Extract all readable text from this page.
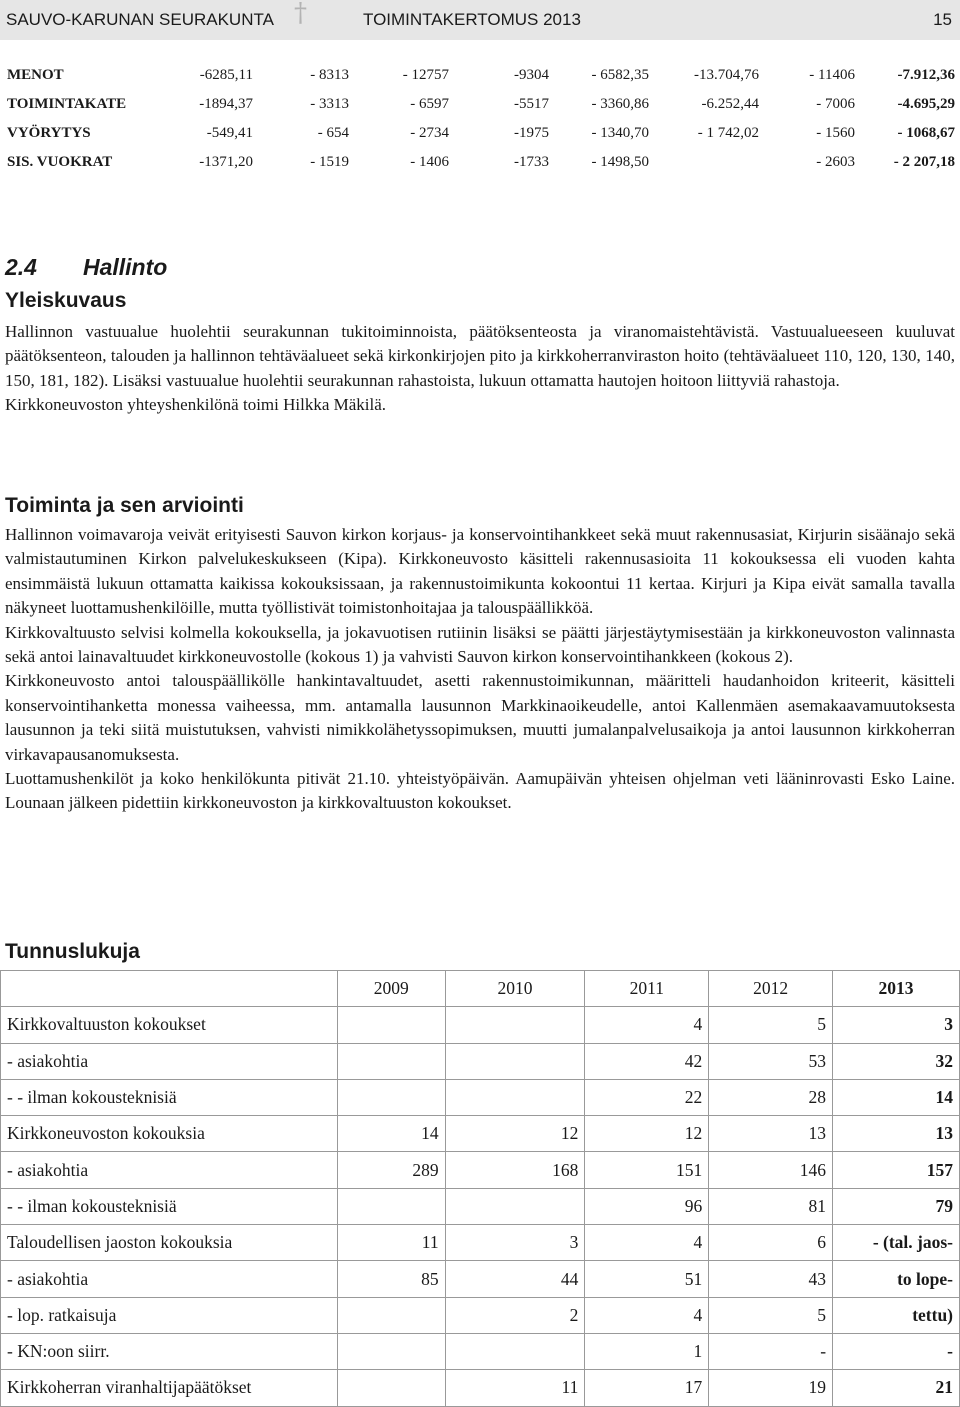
SAUVO-KARUNAN SEURAKUNTA †	TOIMINTAKERTOMUS 2013	15
MENOT	-6285,11	- 8313	- 12757	-9304	- 6582,35	-13.704,76	- 11406	-7.912,36
TOIMINTAKATE	-1894,37	- 3313	- 6597	-5517	- 3360,86	-6.252,44	- 7006	-4.695,29
VYÖRYTYS	-549,41	- 654	- 2734	-1975	- 1340,70	- 1 742,02	- 1560	- 1068,67
SIS. VUOKRAT	-1371,20	- 1519	- 1406	-1733	- 1498,50		- 2603	- 2 207,18
2.4 Hallinto
Yleiskuvaus

Hallinnon vastuualue huolehtii seurakunnan tukitoiminnoista, päätöksenteosta ja viranomaistehtävistä. Vastuualueeseen kuuluvat päätöksenteon, talouden ja hallinnon tehtäväalueet sekä kirkonkirjojen pito ja kirkkoherranviraston hoito (tehtäväalueet 110, 120, 130, 140, 150, 181, 182). Lisäksi vastuualue huolehtii seurakunnan rahastoista, lukuun ottamatta hautojen hoitoon liittyviä rahastoja.

Kirkkoneuvoston yhteyshenkilönä toimi Hilkka Mäkilä.

Toiminta ja sen arviointi

Hallinnon voimavaroja veivät erityisesti Sauvon kirkon korjaus- ja konservointihankkeet sekä muut rakennusasiat, Kirjurin sisäänajo sekä valmistautuminen Kirkon palvelukeskukseen (Kipa). Kirkkoneuvosto käsitteli rakennusasioita 11 kokouksessa eli vuoden kahta ensimmäistä lukuun ottamatta kaikissa kokouksissaan, ja rakennustoimikunta kokoontui 11 kertaa. Kirjuri ja Kipa eivät samalla tavalla näkyneet luottamushenkilöille, mutta työllistivät toimistonhoitajaa ja talouspäällikköä.

Kirkkovaltuusto selvisi kolmella kokouksella, ja jokavuotisen rutiinin lisäksi se päätti järjestäytymisestään ja kirkkoneuvoston valinnasta sekä antoi lainavaltuudet kirkkoneuvostolle (kokous 1) ja vahvisti Sauvon kirkon konservointihankkeen (kokous 2).

Kirkkoneuvosto antoi talouspäällikölle hankintavaltuudet, asetti rakennustoimikunnan, määritteli haudanhoidon kriteerit, käsitteli konservointihanketta monessa vaiheessa, mm. antamalla lausunnon Markkinaoikeudelle, antoi Kallenmäen asemakaavamuutoksesta lausunnon ja teki siitä muistutuksen, vahvisti nimikkolähetyssopimuksen, muutti jumalanpalvelusaikoja ja antoi lausunnon kirkkoherran virkavapausanomuksesta.

Luottamushenkilöt ja koko henkilökunta pitivät 21.10. yhteistyöpäivän. Aamupäivän yhteisen ohjelman veti lääninrovasti Esko Laine. Lounaan jälkeen pidettiin kirkkoneuvoston ja kirkkovaltuuston kokoukset.

Tunnuslukuja
	2009	2010	2011	2012	2013
Kirkkovaltuuston kokoukset			4	5	3
- asiakohtia			42	53	32
- - ilman kokousteknisiä			22	28	14
Kirkkoneuvoston kokouksia	14	12	12	13	13
- asiakohtia	289	168	151	146	157
- - ilman kokousteknisiä			96	81	79
Taloudellisen jaoston kokouksia	11	3	4	6	- (tal. jaos-
- asiakohtia	85	44	51	43	to lope-
- lop. ratkaisuja		2	4	5	tettu)
- KN:oon siirr.			1	-	-
Kirkkoherran viranhaltijapäätökset		11	17	19	21
